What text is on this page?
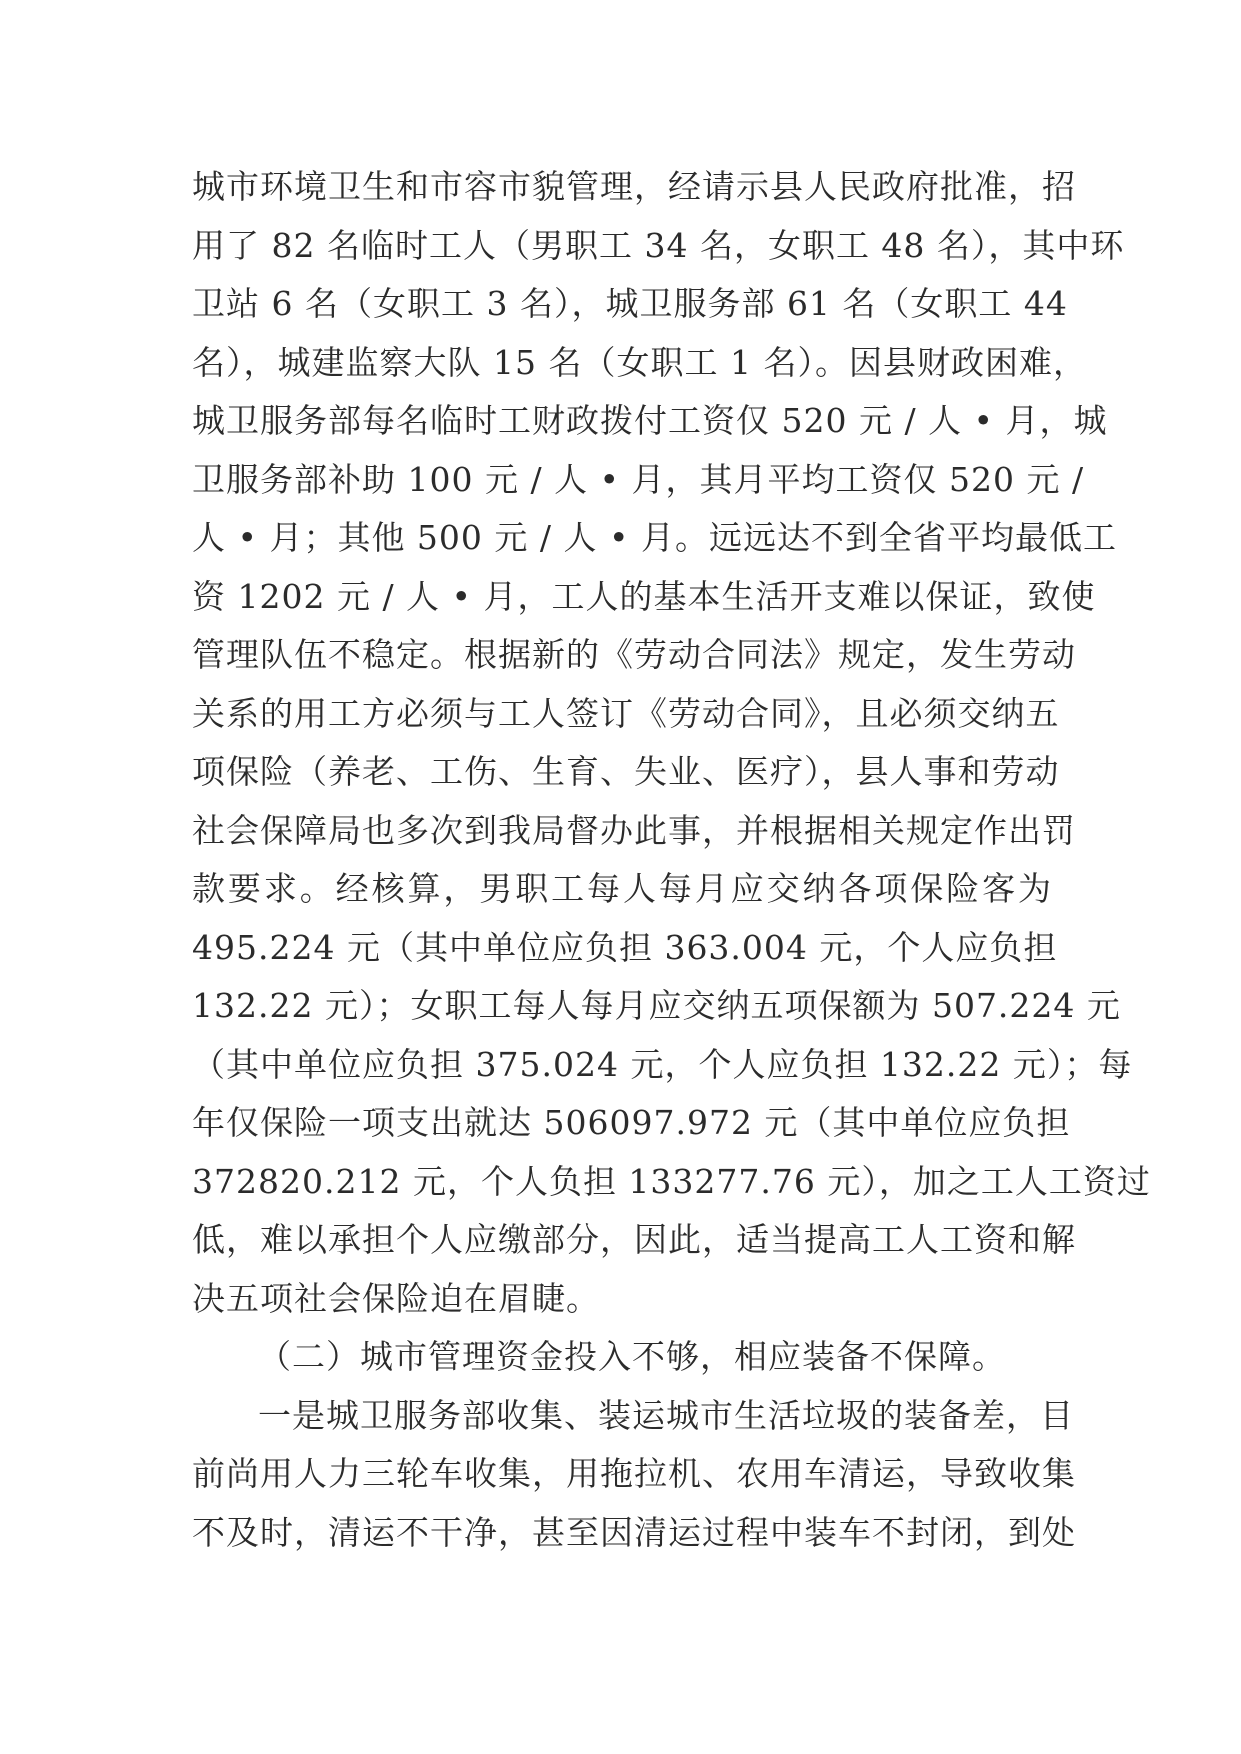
城市环境卫生和市容市貌管理，经请示县人民政府批准，招
用了 82 名临时工人（男职工 34 名，女职工 48 名），其中环
卫站 6 名（女职工 3 名），城卫服务部 61 名（女职工 44
名），城建监察大队 15 名（女职工 1 名）。因县财政困难，
城卫服务部每名临时工财政拨付工资仅 520 元 / 人 • 月，城
卫服务部补助 100 元 / 人 • 月，其月平均工资仅 520 元 /
人 • 月；其他 500 元 / 人 • 月。远远达不到全省平均最低工
资 1202 元 / 人 • 月，工人的基本生活开支难以保证，致使
管理队伍不稳定。根据新的《劳动合同法》规定，发生劳动
关系的用工方必须与工人签订《劳动合同》，且必须交纳五
项保险（养老、工伤、生育、失业、医疗），县人事和劳动
社会保障局也多次到我局督办此事，并根据相关规定作出罚
款要求。经核算，男职工每人每月应交纳各项保险客为
495.224 元（其中单位应负担 363.004 元，个人应负担
132.22 元）；女职工每人每月应交纳五项保额为 507.224 元
（其中单位应负担 375.024 元，个人应负担 132.22 元）；每
年仅保险一项支出就达 506097.972 元（其中单位应负担
372820.212 元，个人负担 133277.76 元），加之工人工资过
低，难以承担个人应缴部分，因此，适当提高工人工资和解
决五项社会保险迫在眉睫。
（二）城市管理资金投入不够，相应装备不保障。
一是城卫服务部收集、装运城市生活垃圾的装备差，目
前尚用人力三轮车收集，用拖拉机、农用车清运，导致收集
不及时，清运不干净，甚至因清运过程中装车不封闭，到处
